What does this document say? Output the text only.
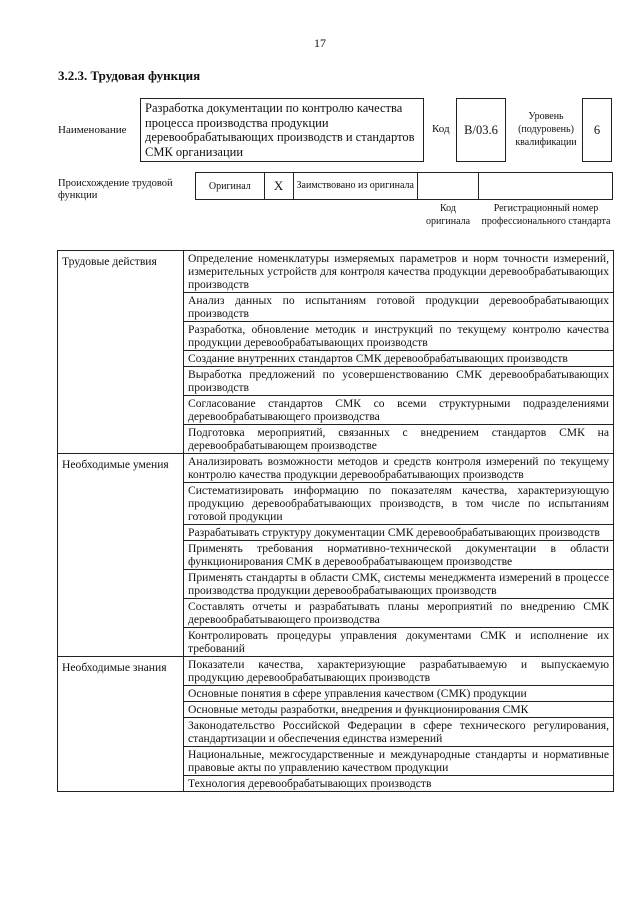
17
3.2.3. Трудовая функция
Наименование
Разработка документации по контролю качества процесса производства продукции деревообрабатывающих производств и стандартов СМК организации
Код	B/03.6
Уровень (подуровень) квалификации
6
Происхождение трудовой функции
Оригинал	X	Заимствовано из оригинала
Код оригинала
Регистрационный номер профессионального стандарта
Трудовые действия	Определение номенклатуры измеряемых параметров и норм точности измерений, измерительных устройств для контроля качества продукции деревообрабатывающих производств
	Анализ данных по испытаниям готовой продукции деревообрабатывающих производств
	Разработка, обновление методик и инструкций по текущему контролю качества продукции деревообрабатывающих производств
	Создание внутренних стандартов СМК деревообрабатывающих производств
	Выработка предложений по усовершенствованию СМК деревообрабатывающих производств
	Согласование стандартов СМК со всеми структурными подразделениями деревообрабатывающего производства
	Подготовка мероприятий, связанных с внедрением стандартов СМК на деревообрабатывающем производстве
Необходимые умения	Анализировать возможности методов и средств контроля измерений по текущему контролю качества продукции деревообрабатывающих производств
	Систематизировать информацию по показателям качества, характеризующую продукцию деревообрабатывающих производств, в том числе по испытаниям готовой продукции
	Разрабатывать структуру документации СМК деревообрабатывающих производств
	Применять требования нормативно-технической документации в области функционирования СМК в деревообрабатывающем производстве
	Применять стандарты в области СМК, системы менеджмента измерений в процессе производства продукции деревообрабатывающих производств
	Составлять отчеты и разрабатывать планы мероприятий по внедрению СМК деревообрабатывающего производства
	Контролировать процедуры управления документами СМК и исполнение их требований
Необходимые знания	Показатели качества, характеризующие разрабатываемую и выпускаемую продукцию деревообрабатывающих производств
	Основные понятия в сфере управления качеством (СМК) продукции
	Основные методы разработки, внедрения и функционирования СМК
	Законодательство Российской Федерации в сфере технического регулирования, стандартизации и обеспечения единства измерений
	Национальные, межгосударственные и международные стандарты и нормативные правовые акты по управлению качеством продукции
	Технология деревообрабатывающих производств
